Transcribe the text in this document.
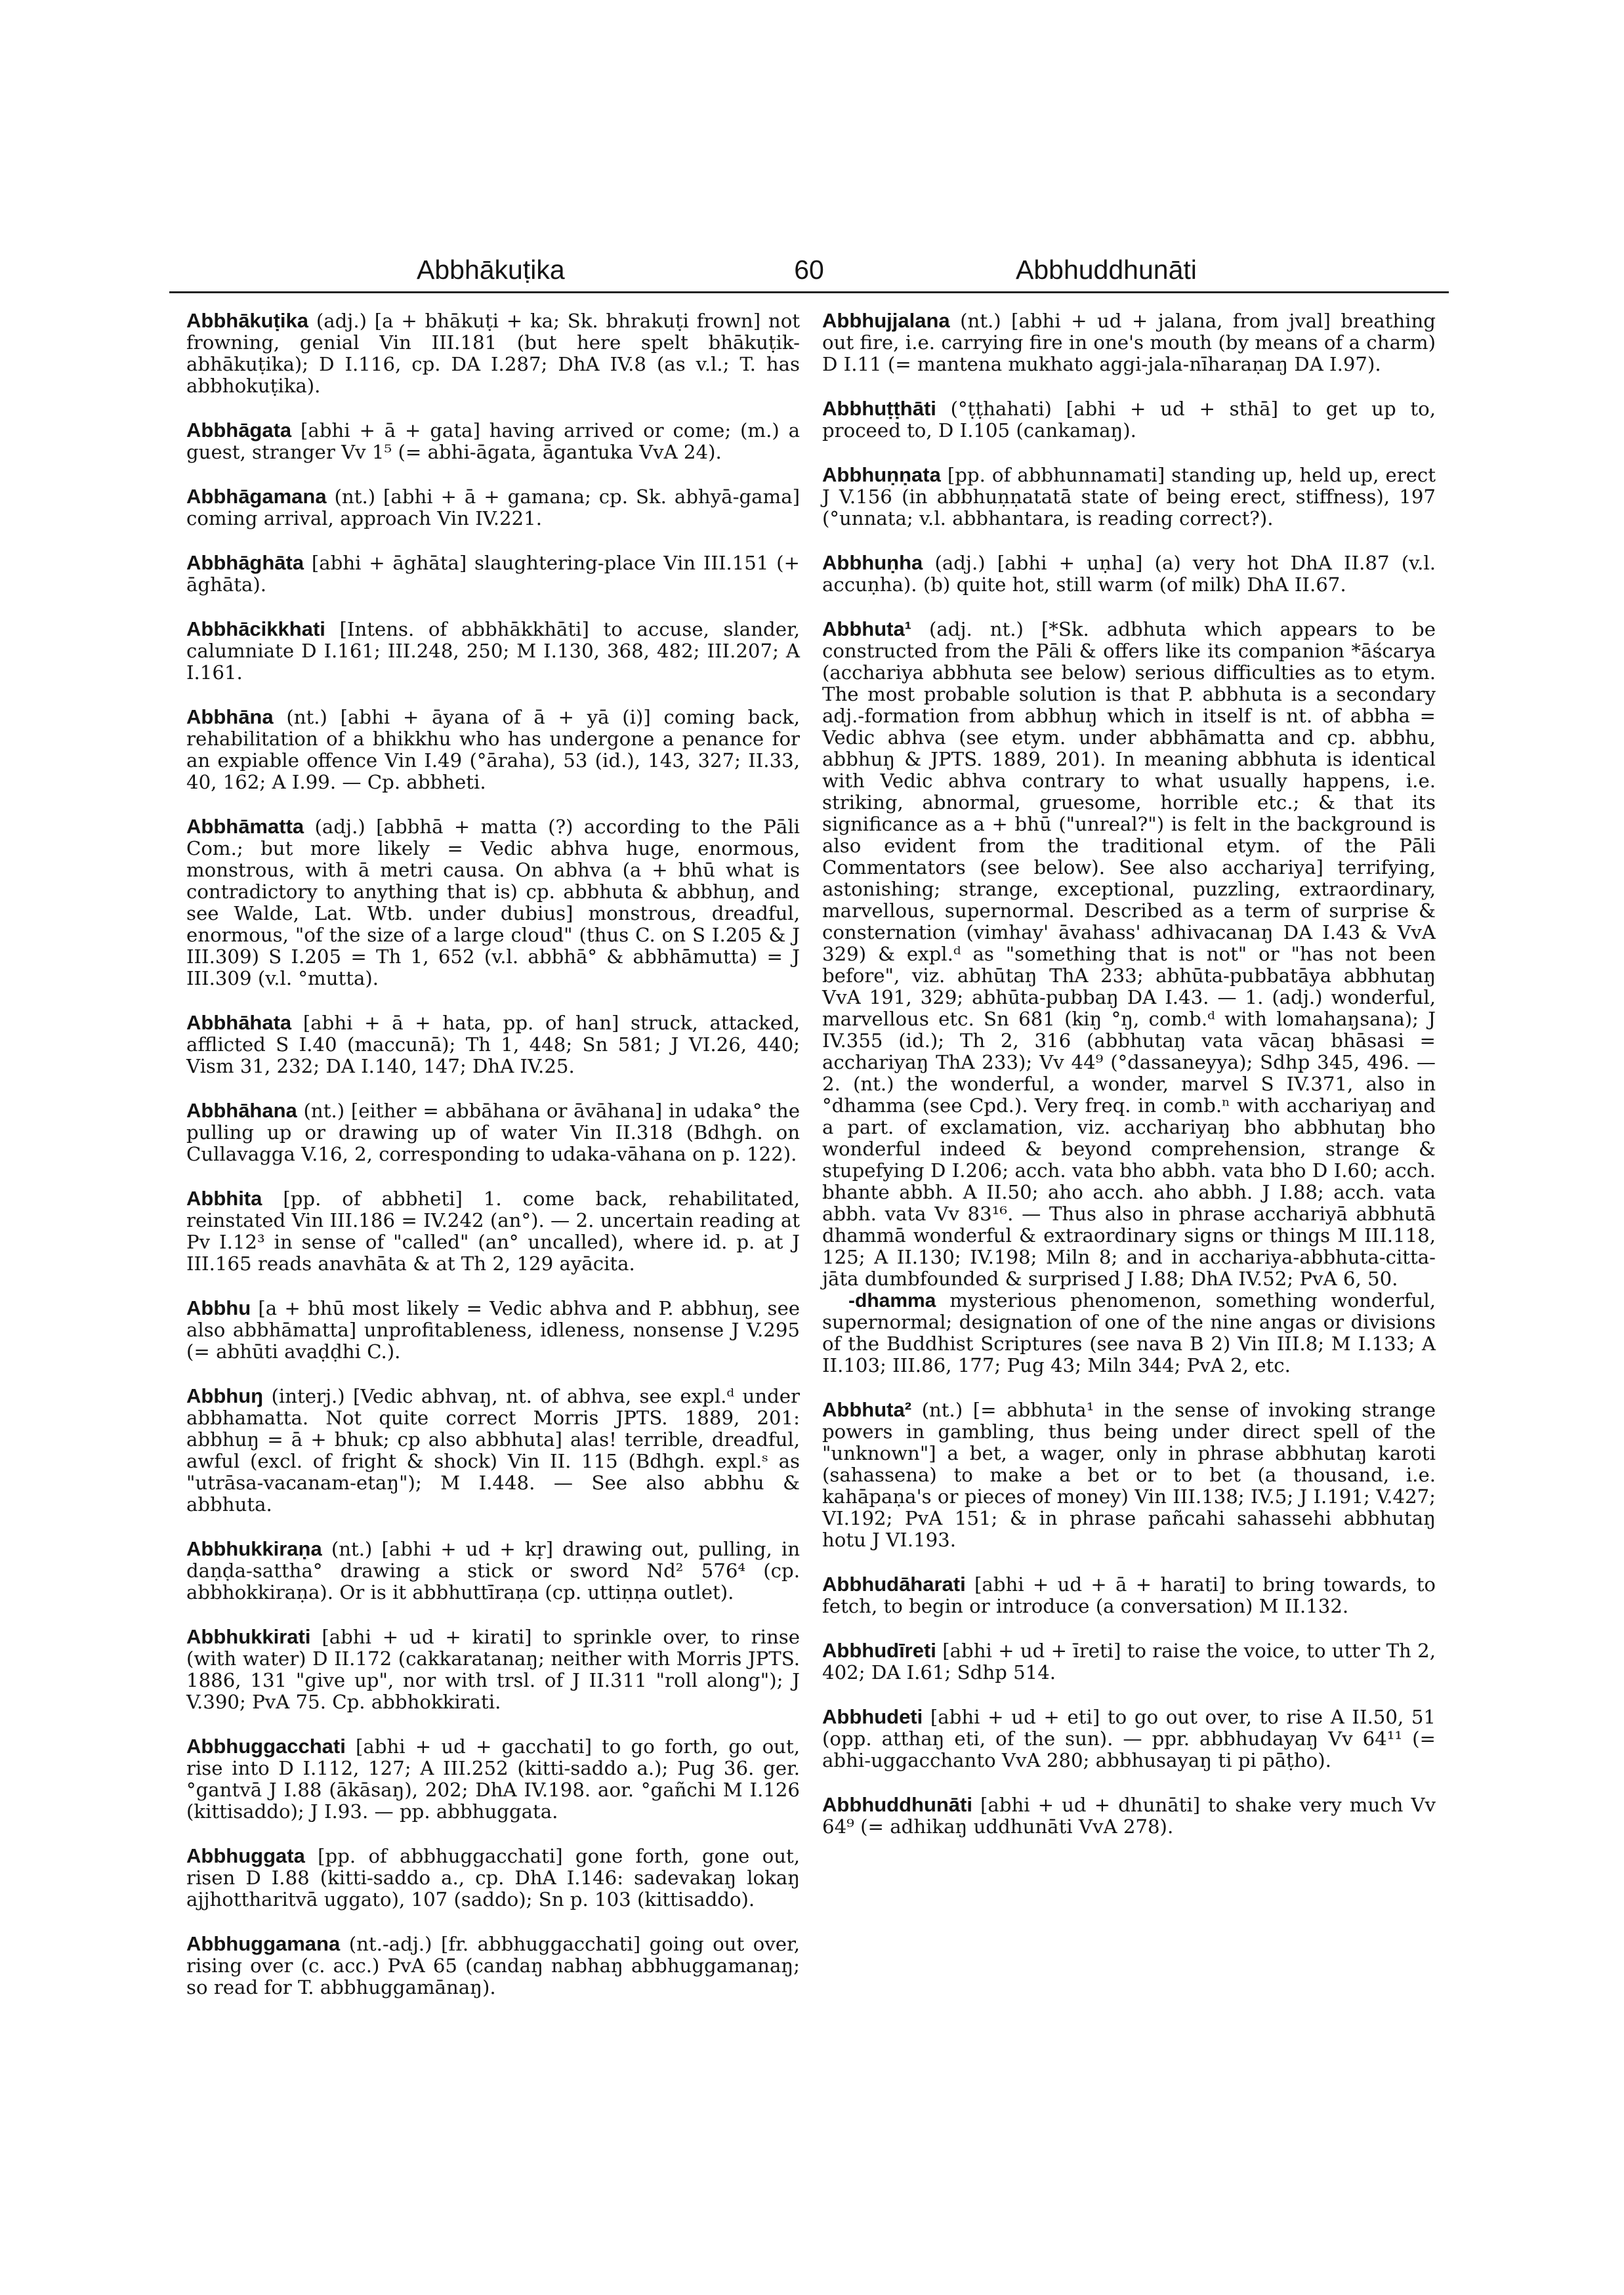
Abbhākuṭika	60	Abbhuddhunāti

Abbhākuṭika (adj.) [a + bhākuṭi + ka; Sk. bhrakuṭi frown] not frowning, genial Vin III.181 (but here spelt bhākuṭik-abhākuṭika); D I.116, cp. DA I.287; DhA IV.8 (as v.l.; T. has abbhokuṭika).

Abbhāgata [abhi + ā + gata] having arrived or come; (m.) a guest, stranger Vv 1⁵ (= abhi-āgata, āgantuka VvA 24).

Abbhāgamana (nt.) [abhi + ā + gamana; cp. Sk. abhyā-gama] coming arrival, approach Vin IV.221.

Abbhāghāta [abhi + āghāta] slaughtering-place Vin III.151 (+ āghāta).

Abbhācikkhati [Intens. of abbhākkhāti] to accuse, slander, calumniate D I.161; III.248, 250; M I.130, 368, 482; III.207; A I.161.

Abbhāna (nt.) [abhi + āyana of ā + yā (i)] coming back, rehabilitation of a bhikkhu who has undergone a penance for an expiable offence Vin I.49 (°āraha), 53 (id.), 143, 327; II.33, 40, 162; A I.99. — Cp. abbheti.

Abbhāmatta (adj.) [abbhā + matta (?) according to the Pāli Com.; but more likely = Vedic abhva huge, enormous, monstrous, with ā metri causa. On abhva (a + bhū what is contradictory to anything that is) cp. abbhuta & abbhuŋ, and see Walde, Lat. Wtb. under dubius] monstrous, dreadful, enormous, "of the size of a large cloud" (thus C. on S I.205 & J III.309) S I.205 = Th 1, 652 (v.l. abbhā° & abbhāmutta) = J III.309 (v.l. °mutta).

Abbhāhata [abhi + ā + hata, pp. of han] struck, attacked, afflicted S I.40 (maccunā); Th 1, 448; Sn 581; J VI.26, 440; Vism 31, 232; DA I.140, 147; DhA IV.25.

Abbhāhana (nt.) [either = abbāhana or āvāhana] in udaka° the pulling up or drawing up of water Vin II.318 (Bdhgh. on Cullavagga V.16, 2, corresponding to udaka-vāhana on p. 122).

Abbhita [pp. of abbheti] 1. come back, rehabilitated, reinstated Vin III.186 = IV.242 (an°). — 2. uncertain reading at Pv I.12³ in sense of "called" (an° uncalled), where id. p. at J III.165 reads anavhāta & at Th 2, 129 ayācita.

Abbhu [a + bhū most likely = Vedic abhva and P. abbhuŋ, see also abbhāmatta] unprofitableness, idleness, nonsense J V.295 (= abhūti avaḍḍhi C.).

Abbhuŋ (interj.) [Vedic abhvaŋ, nt. of abhva, see expl.ᵈ under abbhamatta. Not quite correct Morris JPTS. 1889, 201: abbhuŋ = ā + bhuk; cp also abbhuta] alas! terrible, dreadful, awful (excl. of fright & shock) Vin II. 115 (Bdhgh. expl.ˢ as "utrāsa-vacanam-etaŋ"); M I.448. — See also abbhu & abbhuta.

Abbhukkiraṇa (nt.) [abhi + ud + kṛ] drawing out, pulling, in daṇḍa-sattha° drawing a stick or sword Nd² 576⁴ (cp. abbhokkiraṇa). Or is it abbhuttīraṇa (cp. uttiṇṇa outlet).

Abbhukkirati [abhi + ud + kirati] to sprinkle over, to rinse (with water) D II.172 (cakkaratanaŋ; neither with Morris JPTS. 1886, 131 "give up", nor with trsl. of J II.311 "roll along"); J V.390; PvA 75. Cp. abbhokkirati.

Abbhuggacchati [abhi + ud + gacchati] to go forth, go out, rise into D I.112, 127; A III.252 (kitti-saddo a.); Pug 36. ger. °gantvā J I.88 (ākāsaŋ), 202; DhA IV.198. aor. °gañchi M I.126 (kittisaddo); J I.93. — pp. abbhuggata.

Abbhuggata [pp. of abbhuggacchati] gone forth, gone out, risen D I.88 (kitti-saddo a., cp. DhA I.146: sadevakaŋ lokaŋ ajjhottharitvā uggato), 107 (saddo); Sn p. 103 (kittisaddo).

Abbhuggamana (nt.-adj.) [fr. abbhuggacchati] going out over, rising over (c. acc.) PvA 65 (candaŋ nabhaŋ abbhuggamanaŋ; so read for T. abbhuggamānaŋ).

Abbhujjalana (nt.) [abhi + ud + jalana, from jval] breathing out fire, i.e. carrying fire in one's mouth (by means of a charm) D I.11 (= mantena mukhato aggi-jala-nīharaṇaŋ DA I.97).

Abbhuṭṭhāti (°ṭṭhahati) [abhi + ud + sthā] to get up to, proceed to, D I.105 (cankamaŋ).

Abbhuṇṇata [pp. of abbhunnamati] standing up, held up, erect J V.156 (in abbhuṇṇatatā state of being erect, stiffness), 197 (°unnata; v.l. abbhantara, is reading correct?).

Abbhuṇha (adj.) [abhi + uṇha] (a) very hot DhA II.87 (v.l. accuṇha). (b) quite hot, still warm (of milk) DhA II.67.

Abbhuta¹ (adj. nt.) [*Sk. adbhuta which appears to be constructed from the Pāli & offers like its companion *āścarya (acchariya abbhuta see below) serious difficulties as to etym. The most probable solution is that P. abbhuta is a secondary adj.-formation from abbhuŋ which in itself is nt. of abbha = Vedic abhva (see etym. under abbhāmatta and cp. abbhu, abbhuŋ & JPTS. 1889, 201). In meaning abbhuta is identical with Vedic abhva contrary to what usually happens, i.e. striking, abnormal, gruesome, horrible etc.; & that its significance as a + bhū ("unreal?") is felt in the background is also evident from the traditional etym. of the Pāli Commentators (see below). See also acchariya] terrifying, astonishing; strange, exceptional, puzzling, extraordinary, marvellous, supernormal. Described as a term of surprise & consternation (vimhay' āvahass' adhivacanaŋ DA I.43 & VvA 329) & expl.ᵈ as "something that is not" or "has not been before", viz. abhūtaŋ ThA 233; abhūta-pubbatāya abbhutaŋ VvA 191, 329; abhūta-pubbaŋ DA I.43. — 1. (adj.) wonderful, marvellous etc. Sn 681 (kiŋ °ŋ, comb.ᵈ with lomahaŋsana); J IV.355 (id.); Th 2, 316 (abbhutaŋ vata vācaŋ bhāsasi = acchariyaŋ ThA 233); Vv 44⁹ (°dassaneyya); Sdhp 345, 496. — 2. (nt.) the wonderful, a wonder, marvel S IV.371, also in °dhamma (see Cpd.). Very freq. in comb.ⁿ with acchariyaŋ and a part. of exclamation, viz. acchariyaŋ bho abbhutaŋ bho wonderful indeed & beyond comprehension, strange & stupefying D I.206; acch. vata bho abbh. vata bho D I.60; acch. bhante abbh. A II.50; aho acch. aho abbh. J I.88; acch. vata abbh. vata Vv 83¹⁶. — Thus also in phrase acchariyā abbhutā dhammā wonderful & extraordinary signs or things M III.118, 125; A II.130; IV.198; Miln 8; and in acchariya-abbhuta-citta-jāta dumbfounded & surprised J I.88; DhA IV.52; PvA 6, 50.

-dhamma mysterious phenomenon, something wonderful, supernormal; designation of one of the nine angas or divisions of the Buddhist Scriptures (see nava B 2) Vin III.8; M I.133; A II.103; III.86, 177; Pug 43; Miln 344; PvA 2, etc.

Abbhuta² (nt.) [= abbhuta¹ in the sense of invoking strange powers in gambling, thus being under direct spell of the "unknown"] a bet, a wager, only in phrase abbhutaŋ karoti (sahassena) to make a bet or to bet (a thousand, i.e. kahāpaṇa's or pieces of money) Vin III.138; IV.5; J I.191; V.427; VI.192; PvA 151; & in phrase pañcahi sahassehi abbhutaŋ hotu J VI.193.

Abbhudāharati [abhi + ud + ā + harati] to bring towards, to fetch, to begin or introduce (a conversation) M II.132.

Abbhudīreti [abhi + ud + īreti] to raise the voice, to utter Th 2, 402; DA I.61; Sdhp 514.

Abbhudeti [abhi + ud + eti] to go out over, to rise A II.50, 51 (opp. atthaŋ eti, of the sun). — ppr. abbhudayaŋ Vv 64¹¹ (= abhi-uggacchanto VvA 280; abbhusayaŋ ti pi pāṭho).

Abbhuddhunāti [abhi + ud + dhunāti] to shake very much Vv 64⁹ (= adhikaŋ uddhunāti VvA 278).
